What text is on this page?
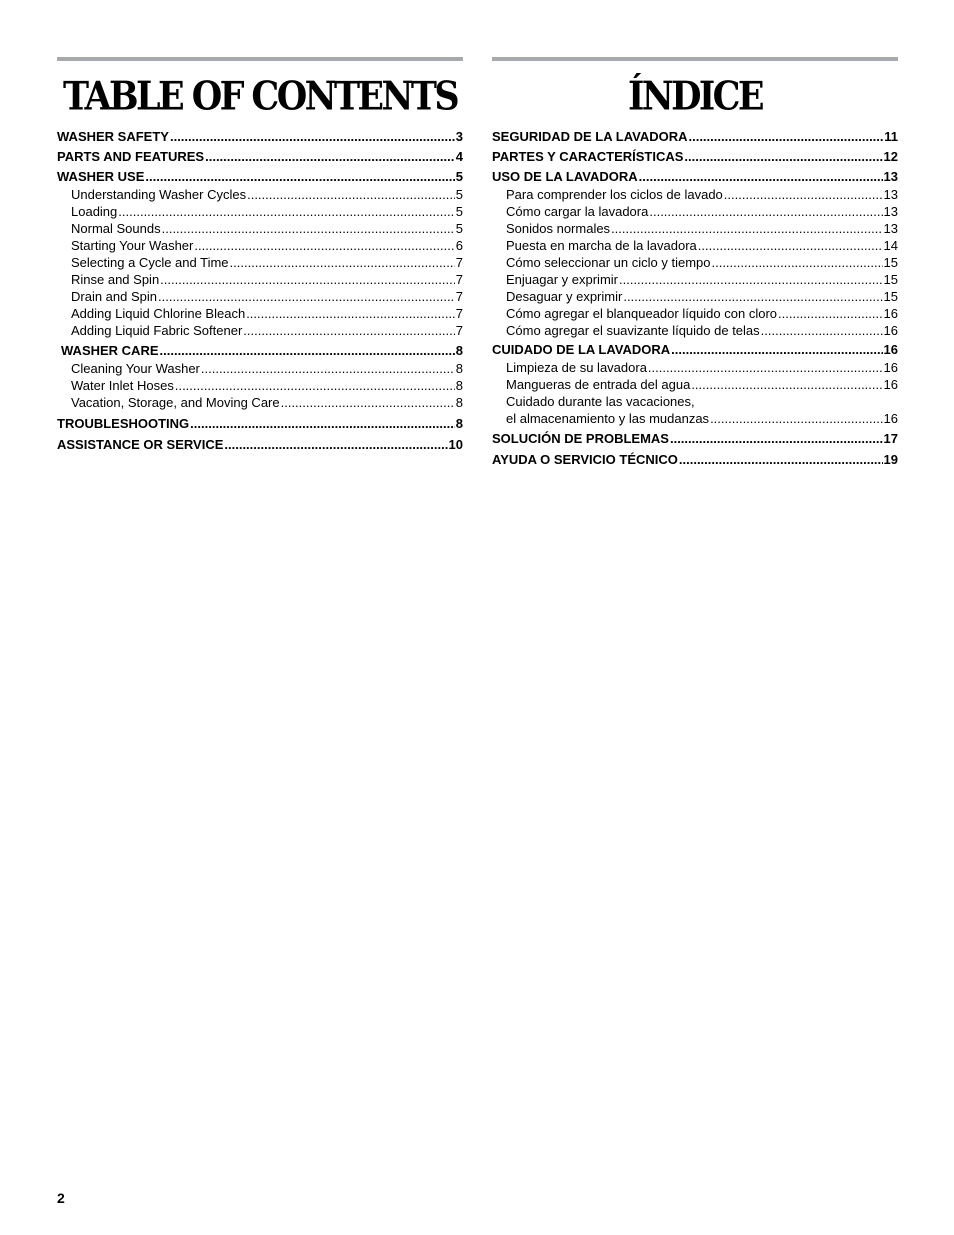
TABLE OF CONTENTS
WASHER SAFETY .....	3
PARTS AND FEATURES .....	4
WASHER USE .....	5
Understanding Washer Cycles .....	5
Loading .....	5
Normal Sounds .....	5
Starting Your Washer .....	6
Selecting a Cycle and Time .....	7
Rinse and Spin .....	7
Drain and Spin .....	7
Adding Liquid Chlorine Bleach .....	7
Adding Liquid Fabric Softener .....	7
WASHER CARE .....	8
Cleaning Your Washer .....	8
Water Inlet Hoses .....	8
Vacation, Storage, and Moving Care .....	8
TROUBLESHOOTING .....	8
ASSISTANCE OR SERVICE .....	10
ÍNDICE
SEGURIDAD DE LA LAVADORA .....	11
PARTES Y CARACTERÍSTICAS .....	12
USO DE LA LAVADORA .....	13
Para comprender los ciclos de lavado .....	13
Cómo cargar la lavadora .....	13
Sonidos normales .....	13
Puesta en marcha de la lavadora .....	14
Cómo seleccionar un ciclo y tiempo .....	15
Enjuagar y exprimir .....	15
Desaguar y exprimir .....	15
Cómo agregar el blanqueador líquido con cloro .....	16
Cómo agregar el suavizante líquido de telas .....	16
CUIDADO DE LA LAVADORA .....	16
Limpieza de su lavadora .....	16
Mangueras de entrada del agua .....	16
Cuidado durante las vacaciones,
el almacenamiento y las mudanzas .....	16
SOLUCIÓN DE PROBLEMAS .....	17
AYUDA O SERVICIO TÉCNICO .....	19
2
